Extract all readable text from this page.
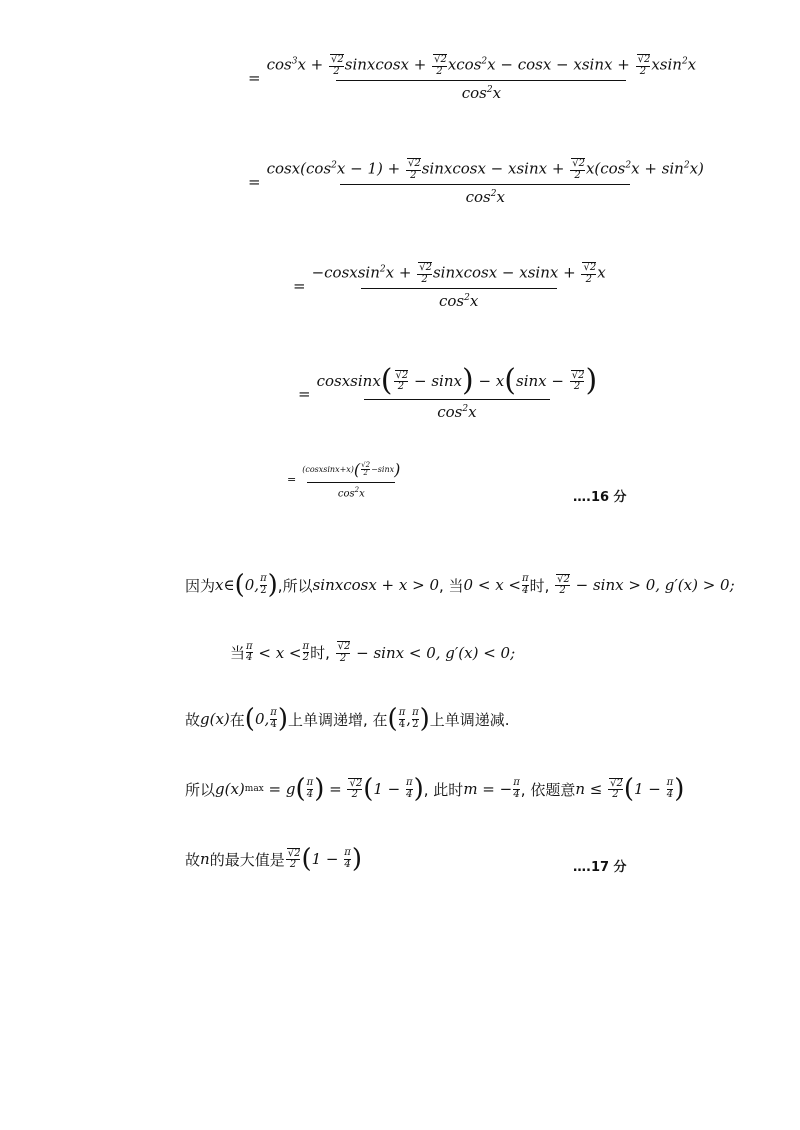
=
$\cos^3x + \frac{√2}{2}$ sinxcosx + $\frac{√2}{2} xcos^2x - \cos x - xsinx + \frac{√2}{2} xsin^2x$
$\cos^2x$
=
$\cos x(\cos^2x - 1) + \frac{√2}{2}$ sinxcosx − $xsinx + \frac{√2}{2} x(\cos^2x + \sin^2x)$
$\cos^2x$
= $\frac{-cosxsin^2x + \frac{√2}{2} sinxcosx - xsinx + \frac{√2}{2} x}{\cos^2x}$
= cosxsinx ( √2
2 − sinx ) − x ( sinx − √2
2 )
$\cos^2x$
= (cosxsinx+x) ( √2
2 −sinx )
$\cos^2x$	….16 分
因为 x ∈ ( 0, π
2 ) ,所以 sinxcosx + x > 0 , 当 0 < x < π
4 时,
√2
2 − sinx > 0, g′(x) > 0;
当 π
4 < x < π
2 时,
√2
2 − sinx < 0, g′(x) < 0;
故 g(x) 在 ( 0, π
4 ) 上单调递增, 在 ( π
4 , π
2 ) 上单调递减.
所以 g(x) max = g ( π
4 ) = √2
2 ( 1 − π
4 ) , 此时 m = − π
4 , 依题意 n ≤ √2
2 ( 1 − π
4 )
故 n 的最大值是 √2
2 ( 1 − π
4 )	….17 分
